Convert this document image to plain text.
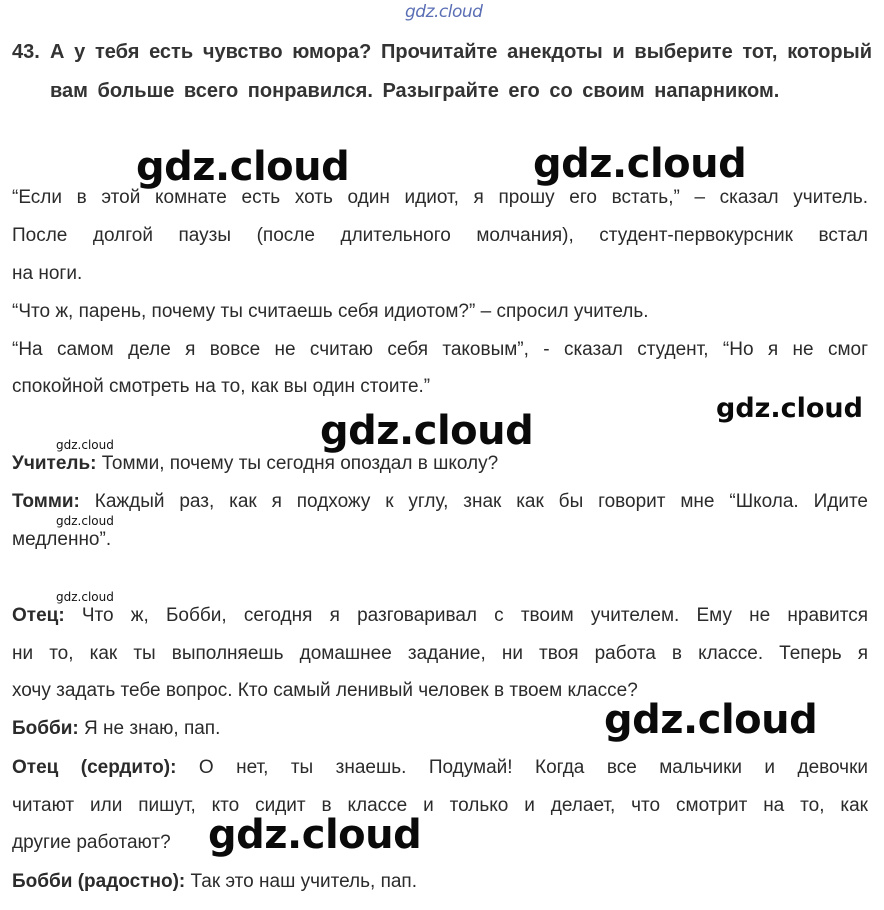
gdz.cloud
43. А у тебя есть чувство юмора? Прочитайте анекдоты и выберите тот, который вам больше всего понравился. Разыграйте его со своим напарником.
gdz.cloud	gdz.cloud
“Если в этой комнате есть хоть один идиот, я прошу его встать,” – сказал учитель.
После долгой паузы (после длительного молчания), студент-первокурсник встал
на ноги.
“Что ж, парень, почему ты считаешь себя идиотом?” – спросил учитель.
“На самом деле я вовсе не считаю себя таковым”, - сказал студент, “Но я не смог
спокойной смотреть на то, как вы один стоите.”
gdz.cloud
gdz.cloud
gdz.cloud
Учитель: Томми, почему ты сегодня опоздал в школу?
Томми: Каждый раз, как я подхожу к углу, знак как бы говорит мне “Школа. Идите
gdz.cloud
медленно”.
gdz.cloud
Отец: Что ж, Бобби, сегодня я разговаривал с твоим учителем. Ему не нравится
ни то, как ты выполняешь домашнее задание, ни твоя работа в классе. Теперь я
хочу задать тебе вопрос. Кто самый ленивый человек в твоем классе?
gdz.cloud
Бобби: Я не знаю, пап.
Отец (сердито): О нет, ты знаешь. Подумай! Когда все мальчики и девочки
читают или пишут, кто сидит в классе и только и делает, что смотрит на то, как
другие работают? gdz.cloud
Бобби (радостно): Так это наш учитель, пап.
